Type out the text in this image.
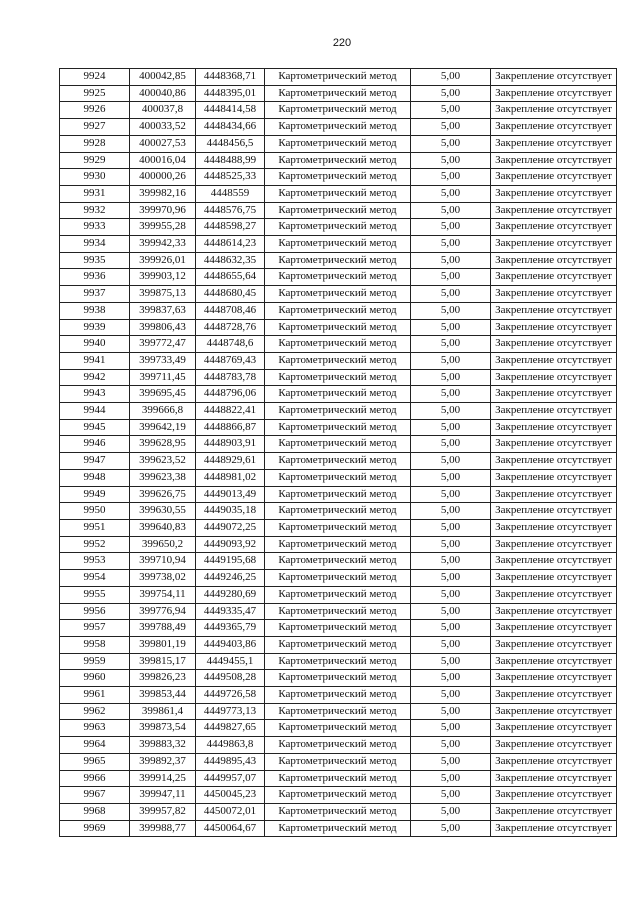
220
9924	400042,85	4448368,71	Картометрический метод	5,00	Закрепление отсутствует
9925	400040,86	4448395,01	Картометрический метод	5,00	Закрепление отсутствует
9926	400037,8	4448414,58	Картометрический метод	5,00	Закрепление отсутствует
9927	400033,52	4448434,66	Картометрический метод	5,00	Закрепление отсутствует
9928	400027,53	4448456,5	Картометрический метод	5,00	Закрепление отсутствует
9929	400016,04	4448488,99	Картометрический метод	5,00	Закрепление отсутствует
9930	400000,26	4448525,33	Картометрический метод	5,00	Закрепление отсутствует
9931	399982,16	4448559	Картометрический метод	5,00	Закрепление отсутствует
9932	399970,96	4448576,75	Картометрический метод	5,00	Закрепление отсутствует
9933	399955,28	4448598,27	Картометрический метод	5,00	Закрепление отсутствует
9934	399942,33	4448614,23	Картометрический метод	5,00	Закрепление отсутствует
9935	399926,01	4448632,35	Картометрический метод	5,00	Закрепление отсутствует
9936	399903,12	4448655,64	Картометрический метод	5,00	Закрепление отсутствует
9937	399875,13	4448680,45	Картометрический метод	5,00	Закрепление отсутствует
9938	399837,63	4448708,46	Картометрический метод	5,00	Закрепление отсутствует
9939	399806,43	4448728,76	Картометрический метод	5,00	Закрепление отсутствует
9940	399772,47	4448748,6	Картометрический метод	5,00	Закрепление отсутствует
9941	399733,49	4448769,43	Картометрический метод	5,00	Закрепление отсутствует
9942	399711,45	4448783,78	Картометрический метод	5,00	Закрепление отсутствует
9943	399695,45	4448796,06	Картометрический метод	5,00	Закрепление отсутствует
9944	399666,8	4448822,41	Картометрический метод	5,00	Закрепление отсутствует
9945	399642,19	4448866,87	Картометрический метод	5,00	Закрепление отсутствует
9946	399628,95	4448903,91	Картометрический метод	5,00	Закрепление отсутствует
9947	399623,52	4448929,61	Картометрический метод	5,00	Закрепление отсутствует
9948	399623,38	4448981,02	Картометрический метод	5,00	Закрепление отсутствует
9949	399626,75	4449013,49	Картометрический метод	5,00	Закрепление отсутствует
9950	399630,55	4449035,18	Картометрический метод	5,00	Закрепление отсутствует
9951	399640,83	4449072,25	Картометрический метод	5,00	Закрепление отсутствует
9952	399650,2	4449093,92	Картометрический метод	5,00	Закрепление отсутствует
9953	399710,94	4449195,68	Картометрический метод	5,00	Закрепление отсутствует
9954	399738,02	4449246,25	Картометрический метод	5,00	Закрепление отсутствует
9955	399754,11	4449280,69	Картометрический метод	5,00	Закрепление отсутствует
9956	399776,94	4449335,47	Картометрический метод	5,00	Закрепление отсутствует
9957	399788,49	4449365,79	Картометрический метод	5,00	Закрепление отсутствует
9958	399801,19	4449403,86	Картометрический метод	5,00	Закрепление отсутствует
9959	399815,17	4449455,1	Картометрический метод	5,00	Закрепление отсутствует
9960	399826,23	4449508,28	Картометрический метод	5,00	Закрепление отсутствует
9961	399853,44	4449726,58	Картометрический метод	5,00	Закрепление отсутствует
9962	399861,4	4449773,13	Картометрический метод	5,00	Закрепление отсутствует
9963	399873,54	4449827,65	Картометрический метод	5,00	Закрепление отсутствует
9964	399883,32	4449863,8	Картометрический метод	5,00	Закрепление отсутствует
9965	399892,37	4449895,43	Картометрический метод	5,00	Закрепление отсутствует
9966	399914,25	4449957,07	Картометрический метод	5,00	Закрепление отсутствует
9967	399947,11	4450045,23	Картометрический метод	5,00	Закрепление отсутствует
9968	399957,82	4450072,01	Картометрический метод	5,00	Закрепление отсутствует
9969	399988,77	4450064,67	Картометрический метод	5,00	Закрепление отсутствует
